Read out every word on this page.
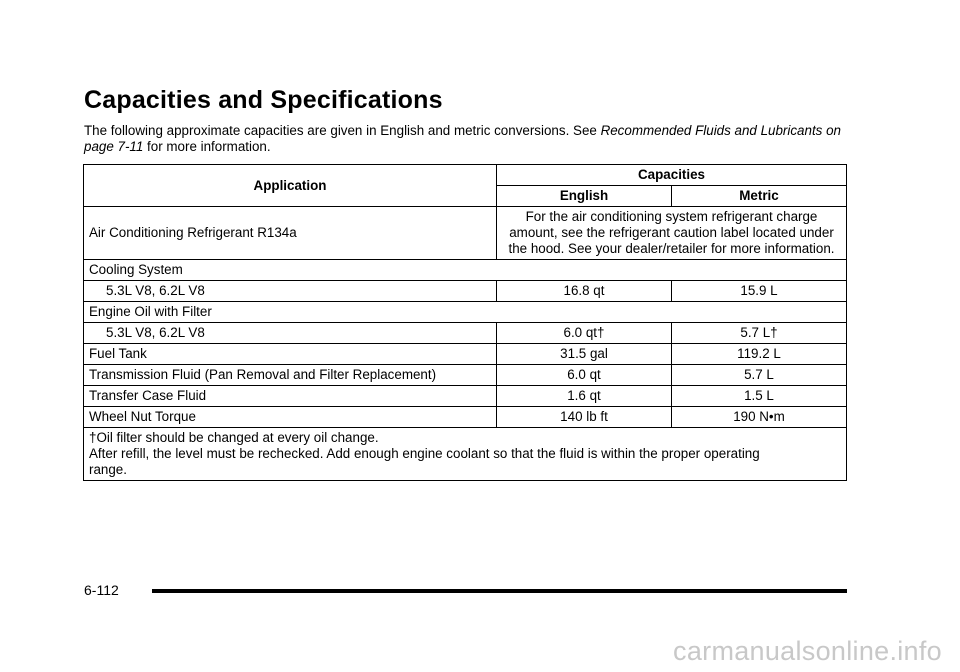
Capacities and Specifications
The following approximate capacities are given in English and metric conversions. See Recommended Fluids and Lubricants on page 7-11 for more information.
Application	Capacities	
	English	Metric
Air Conditioning Refrigerant R134a	For the air conditioning system refrigerant charge amount, see the refrigerant caution label located under the hood. See your dealer/retailer for more information.	
Cooling System		
5.3L V8, 6.2L V8	16.8 qt	15.9 L
Engine Oil with Filter		
5.3L V8, 6.2L V8	6.0 qt†	5.7 L†
Fuel Tank	31.5 gal	119.2 L
Transmission Fluid (Pan Removal and Filter Replacement)	6.0 qt	5.7 L
Transfer Case Fluid	1.6 qt	1.5 L
Wheel Nut Torque	140 lb ft	190 N•m

†Oil filter should be changed at every oil change.
After refill, the level must be rechecked. Add enough engine coolant so that the fluid is within the proper operating range.		
6-112
carmanualsonline.info
